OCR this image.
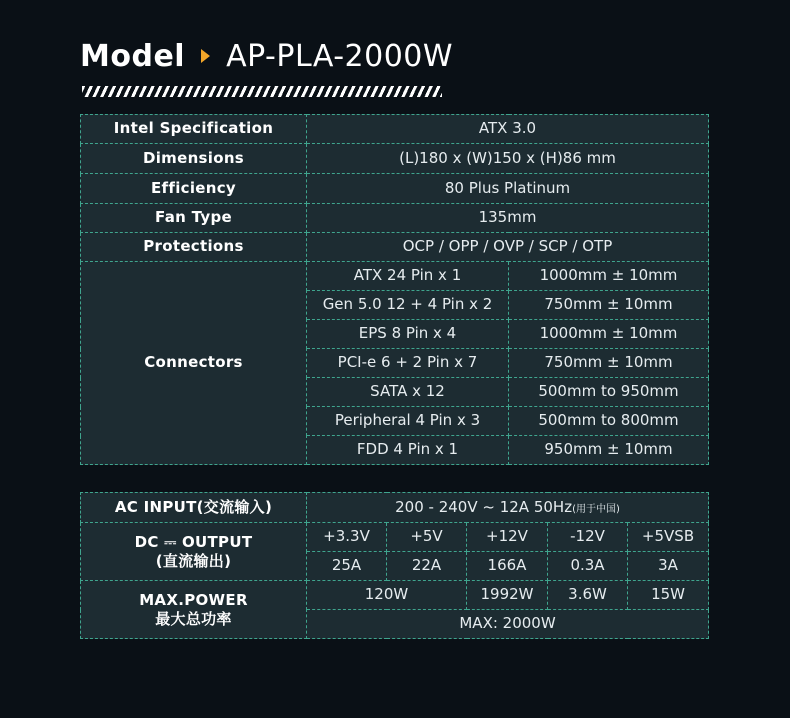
Model AP-PLA-2000W
Intel Specification	ATX 3.0	
Dimensions	(L)180 x (W)150 x (H)86 mm	
Efficiency	80 Plus Platinum	
Fan Type	135mm	
Protections	OCP / OPP / OVP / SCP / OTP	
Connectors	ATX 24 Pin x 1	1000mm ± 10mm
	Gen 5.0 12 + 4 Pin x 2	750mm ± 10mm
	EPS 8 Pin x 4	1000mm ± 10mm
	PCI-e 6 + 2 Pin x 7	750mm ± 10mm
	SATA x 12	500mm to 950mm
	Peripheral 4 Pin x 3	500mm to 800mm
	FDD 4 Pin x 1	950mm ± 10mm
AC INPUT(交流输入)	200 - 240V ~ 12A 50Hz(用于中国)				
DC ⎓ OUTPUT
(直流输出)	+3.3V	+5V	+12V	-12V	+5VSB
	25A	22A	166A	0.3A	3A
MAX.POWER
最大总功率	120W		1992W	3.6W	15W
	MAX: 2000W				
